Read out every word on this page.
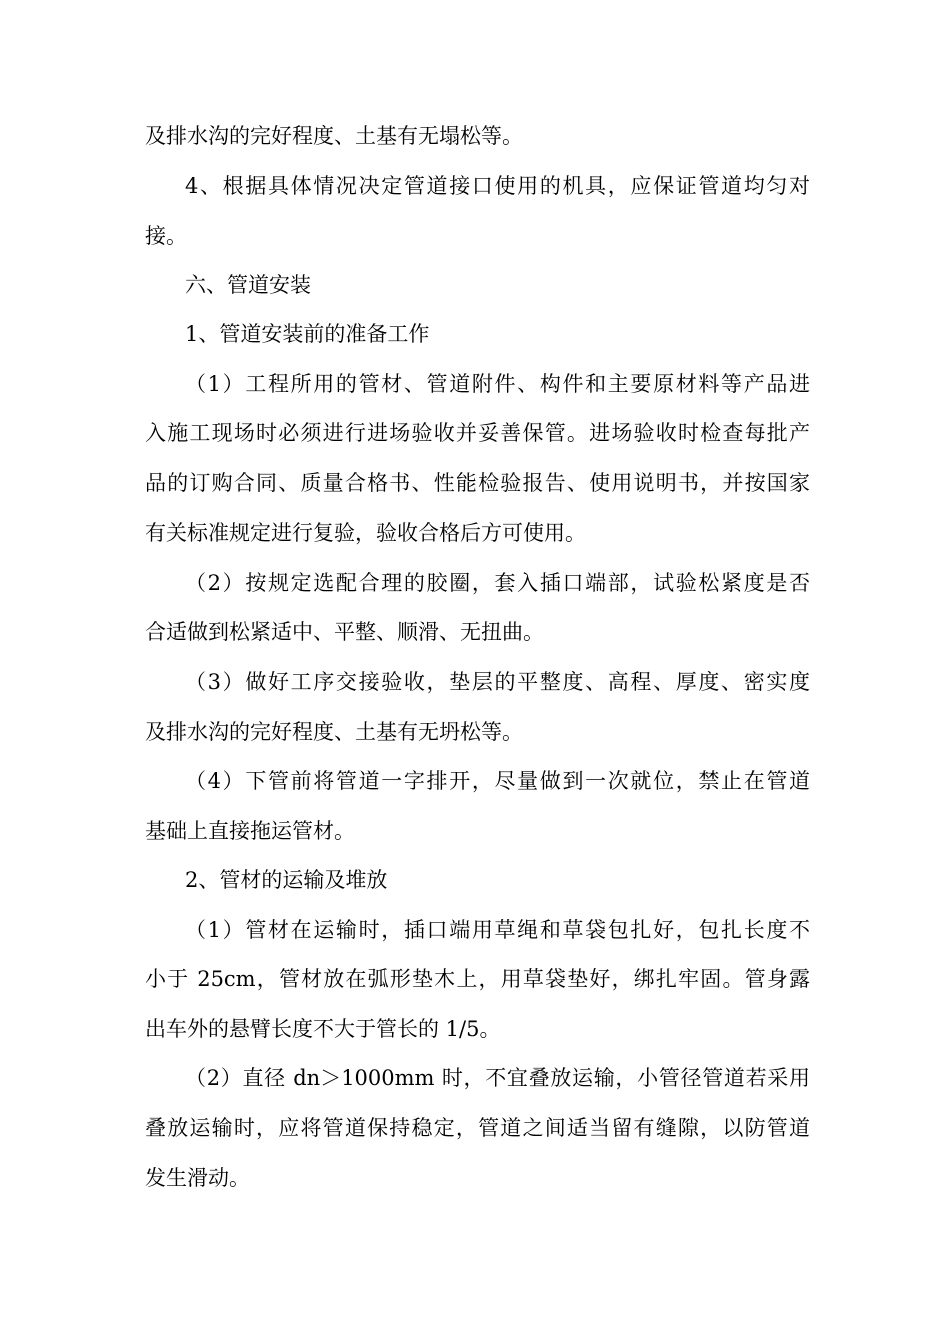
及排水沟的完好程度、土基有无塌松等。
4、根据具体情况决定管道接口使用的机具，应保证管道均匀对
接。
六、管道安装
1、管道安装前的准备工作
（1）工程所用的管材、管道附件、构件和主要原材料等产品进
入施工现场时必须进行进场验收并妥善保管。进场验收时检查每批产
品的订购合同、质量合格书、性能检验报告、使用说明书，并按国家
有关标准规定进行复验，验收合格后方可使用。
（2）按规定选配合理的胶圈，套入插口端部，试验松紧度是否
合适做到松紧适中、平整、顺滑、无扭曲。
（3）做好工序交接验收，垫层的平整度、高程、厚度、密实度
及排水沟的完好程度、土基有无坍松等。
（4）下管前将管道一字排开，尽量做到一次就位，禁止在管道
基础上直接拖运管材。
2、管材的运输及堆放
（1）管材在运输时，插口端用草绳和草袋包扎好，包扎长度不
小于 25cm，管材放在弧形垫木上，用草袋垫好，绑扎牢固。管身露
出车外的悬臂长度不大于管长的 1/5。
（2）直径 dn＞1000mm 时，不宜叠放运输，小管径管道若采用
叠放运输时，应将管道保持稳定，管道之间适当留有缝隙，以防管道
发生滑动。
